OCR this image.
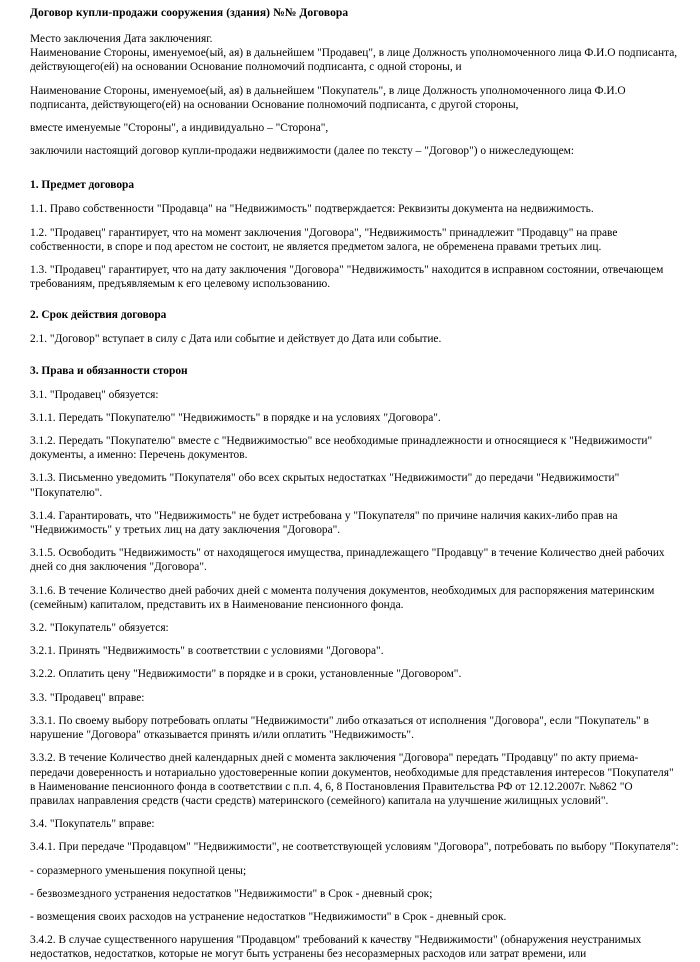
Договор купли-продажи сооружения (здания) №№ Договора
Место заключения Дата заключенияг.
Наименование Стороны, именуемое(ый, ая) в дальнейшем "Продавец", в лице Должность уполномоченного лица Ф.И.О подписанта, действующего(ей) на основании Основание полномочий подписанта, с одной стороны, и
Наименование Стороны, именуемое(ый, ая) в дальнейшем "Покупатель", в лице Должность уполномоченного лица Ф.И.О подписанта, действующего(ей) на основании Основание полномочий подписанта, с другой стороны,
вместе именуемые "Стороны", а индивидуально – "Сторона",
заключили настоящий договор купли-продажи недвижимости (далее по тексту – "Договор") о нижеследующем:
1. Предмет договора
1.1. Право собственности "Продавца" на "Недвижимость" подтверждается: Реквизиты документа на недвижимость.
1.2. "Продавец" гарантирует, что на момент заключения "Договора", "Недвижимость" принадлежит "Продавцу" на праве собственности, в споре и под арестом не состоит, не является предметом залога, не обременена правами третьих лиц.
1.3. "Продавец" гарантирует, что на дату заключения "Договора" "Недвижимость" находится в исправном состоянии, отвечающем требованиям, предъявляемым к его целевому использованию.
2. Срок действия договора
2.1. "Договор" вступает в силу с Дата или событие и действует до Дата или событие.
3. Права и обязанности сторон
3.1. "Продавец" обязуется:
3.1.1. Передать "Покупателю" "Недвижимость" в порядке и на условиях "Договора".
3.1.2. Передать "Покупателю" вместе с "Недвижимостью" все необходимые принадлежности и относящиеся к "Недвижимости" документы, а именно: Перечень документов.
3.1.3. Письменно уведомить "Покупателя" обо всех скрытых недостатках "Недвижимости" до передачи "Недвижимости" "Покупателю".
3.1.4. Гарантировать, что "Недвижимость" не будет истребована у "Покупателя" по причине наличия каких-либо прав на "Недвижимость" у третьих лиц на дату заключения "Договора".
3.1.5. Освободить "Недвижимость" от находящегося имущества, принадлежащего "Продавцу" в течение Количество дней рабочих дней со дня заключения "Договора".
3.1.6. В течение Количество дней рабочих дней с момента получения документов, необходимых для распоряжения материнским (семейным) капиталом, представить их в Наименование пенсионного фонда.
3.2. "Покупатель" обязуется:
3.2.1. Принять "Недвижимость" в соответствии с условиями "Договора".
3.2.2. Оплатить цену "Недвижимости" в порядке и в сроки, установленные "Договором".
3.3. "Продавец" вправе:
3.3.1. По своему выбору потребовать оплаты "Недвижимости" либо отказаться от исполнения "Договора", если "Покупатель" в нарушение "Договора" отказывается принять и/или оплатить "Недвижимость".
3.3.2. В течение Количество дней календарных дней с момента заключения "Договора" передать "Продавцу" по акту приема-передачи доверенность и нотариально удостоверенные копии документов, необходимые для представления интересов "Покупателя" в Наименование пенсионного фонда в соответствии с п.п. 4, 6, 8 Постановления Правительства РФ от 12.12.2007г. №862 "О правилах направления средств (части средств) материнского (семейного) капитала на улучшение жилищных условий".
3.4. "Покупатель" вправе:
3.4.1. При передаче "Продавцом" "Недвижимости", не соответствующей условиям "Договора", потребовать по выбору "Покупателя":
- соразмерного уменьшения покупной цены;
- безвозмездного устранения недостатков "Недвижимости" в Срок - дневный срок;
- возмещения своих расходов на устранение недостатков "Недвижимости" в Срок - дневный срок.
3.4.2. В случае существенного нарушения "Продавцом" требований к качеству "Недвижимости" (обнаружения неустранимых недостатков, недостатков, которые не могут быть устранены без несоразмерных расходов или затрат времени, или
